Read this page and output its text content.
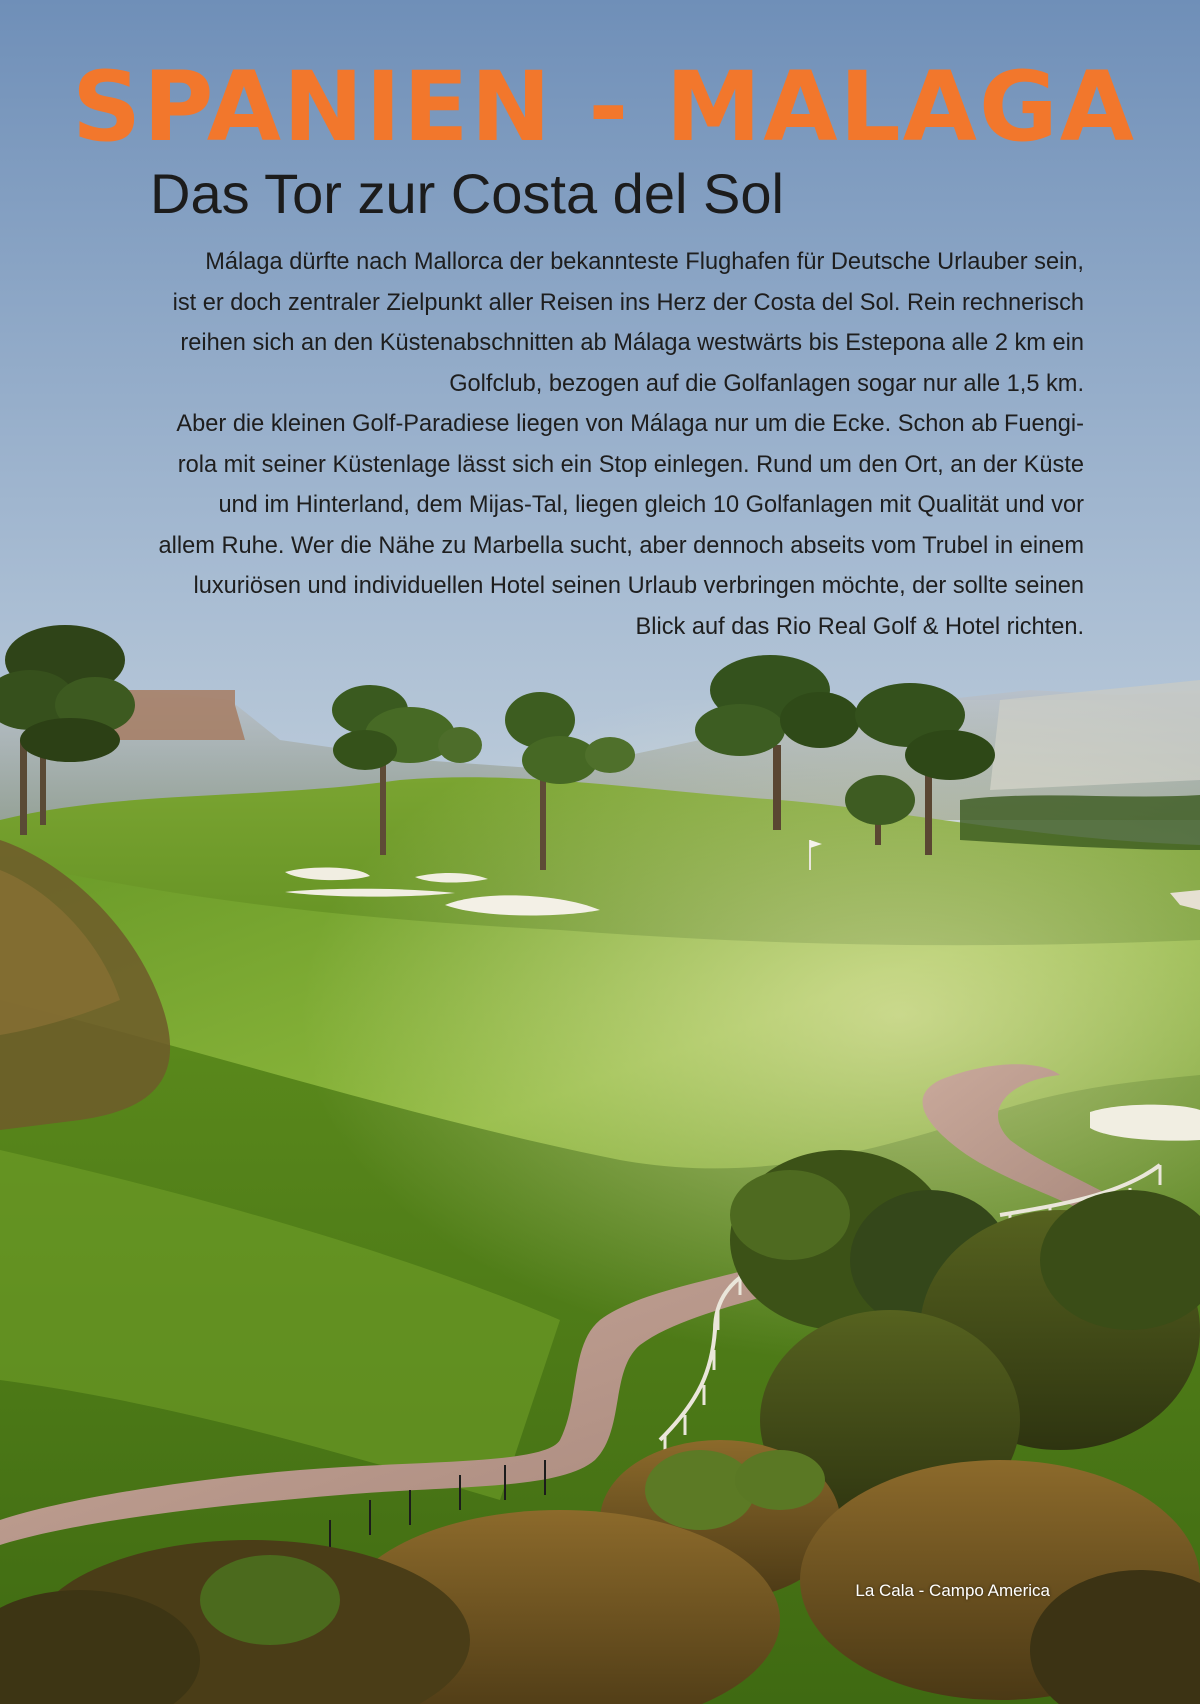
SPANIEN - MALAGA
Das Tor zur Costa del Sol
Málaga dürfte nach Mallorca der bekannteste Flughafen für Deutsche Urlauber sein,
ist er doch zentraler Zielpunkt aller Reisen ins Herz der Costa del Sol. Rein rechnerisch
reihen sich an den Küstenabschnitten ab Málaga westwärts bis Estepona alle 2 km ein
Golfclub, bezogen auf die Golfanlagen sogar nur alle 1,5 km.
Aber die kleinen Golf-Paradiese liegen von Málaga nur um die Ecke. Schon ab Fuengi-
rola mit seiner Küstenlage lässt sich ein Stop einlegen. Rund um den Ort, an der Küste
und im Hinterland, dem Mijas-Tal, liegen gleich 10 Golfanlagen mit Qualität und vor
allem Ruhe. Wer die Nähe zu Marbella sucht, aber dennoch abseits vom Trubel in einem
luxuriösen und individuellen Hotel seinen Urlaub verbringen möchte, der sollte seinen
Blick auf das Rio Real Golf & Hotel richten.
La Cala - Campo America
